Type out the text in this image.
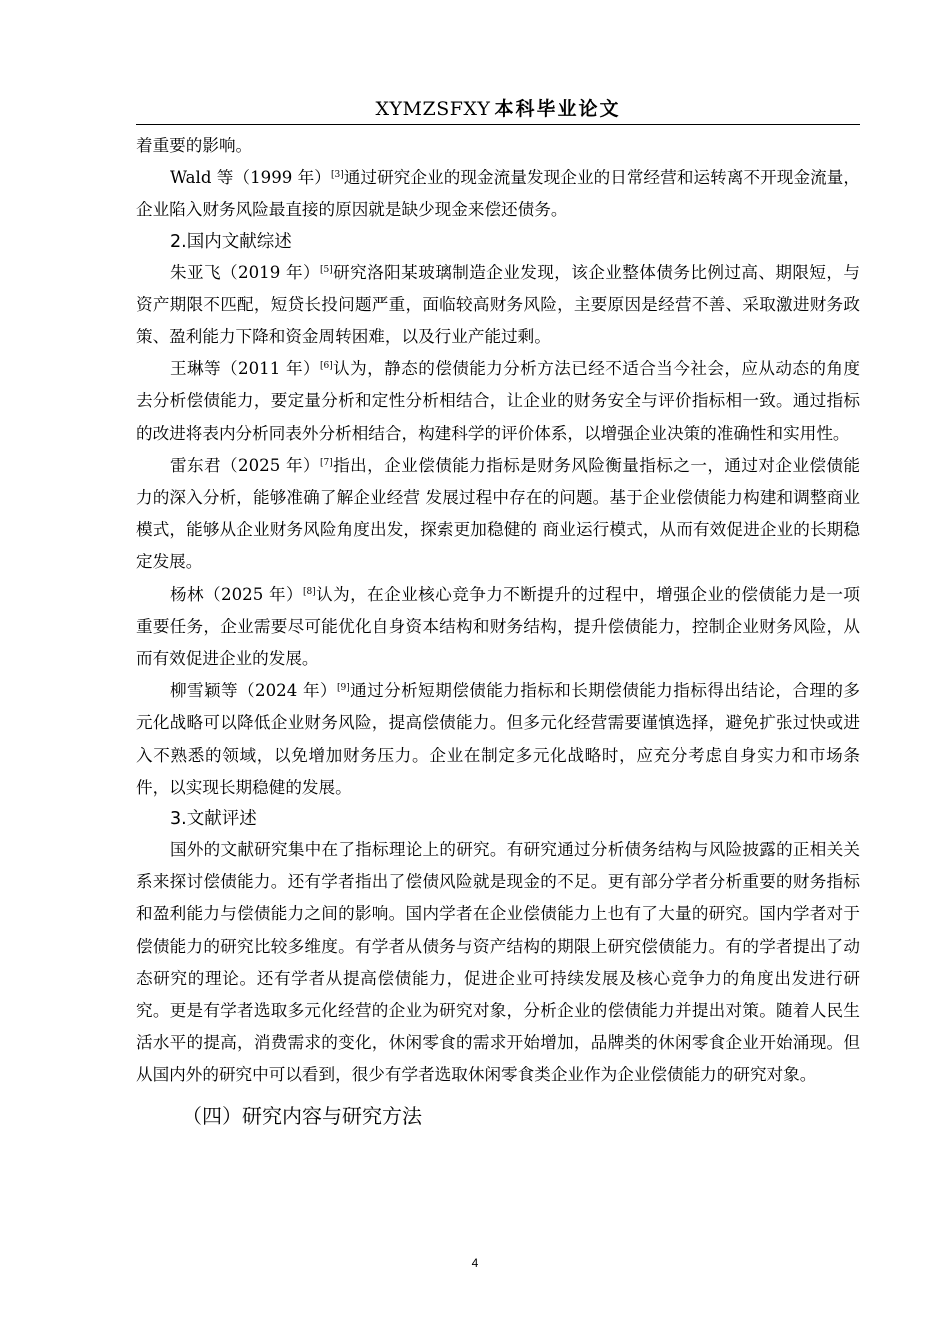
XYMZSFXY 本科毕业论文

着重要的影响。

Wald 等（1999 年）[3]通过研究企业的现金流量发现企业的日常经营和运转离不开现金流量，企业陷入财务风险最直接的原因就是缺少现金来偿还债务。

2.国内文献综述

朱亚飞（2019 年）[5]研究洛阳某玻璃制造企业发现，该企业整体债务比例过高、期限短，与资产期限不匹配，短贷长投问题严重，面临较高财务风险，主要原因是经营不善、采取激进财务政策、盈利能力下降和资金周转困难，以及行业产能过剩。

王琳等（2011 年）[6]认为，静态的偿债能力分析方法已经不适合当今社会，应从动态的角度去分析偿债能力，要定量分析和定性分析相结合，让企业的财务安全与评价指标相一致。通过指标的改进将表内分析同表外分析相结合，构建科学的评价体系，以增强企业决策的准确性和实用性。

雷东君（2025 年）[7]指出，企业偿债能力指标是财务风险衡量指标之一，通过对企业偿债能力的深入分析，能够准确了解企业经营 发展过程中存在的问题。基于企业偿债能力构建和调整商业模式，能够从企业财务风险角度出发，探索更加稳健的 商业运行模式，从而有效促进企业的长期稳定发展。

杨林（2025 年）[8]认为，在企业核心竞争力不断提升的过程中，增强企业的偿债能力是一项 重要任务，企业需要尽可能优化自身资本结构和财务结构，提升偿债能力，控制企业财务风险，从而有效促进企业的发展。

柳雪颖等（2024 年）[9]通过分析短期偿债能力指标和长期偿债能力指标得出结论，合理的多元化战略可以降低企业财务风险，提高偿债能力。但多元化经营需要谨慎选择，避免扩张过快或进入不熟悉的领域，以免增加财务压力。企业在制定多元化战略时，应充分考虑自身实力和市场条件，以实现长期稳健的发展。

3.文献评述

国外的文献研究集中在了指标理论上的研究。有研究通过分析债务结构与风险披露的正相关关系来探讨偿债能力。还有学者指出了偿债风险就是现金的不足。更有部分学者分析重要的财务指标和盈利能力与偿债能力之间的影响。国内学者在企业偿债能力上也有了大量的研究。国内学者对于偿债能力的研究比较多维度。有学者从债务与资产结构的期限上研究偿债能力。有的学者提出了动态研究的理论。还有学者从提高偿债能力，促进企业可持续发展及核心竞争力的角度出发进行研究。更是有学者选取多元化经营的企业为研究对象，分析企业的偿债能力并提出对策。随着人民生活水平的提高，消费需求的变化，休闲零食的需求开始增加，品牌类的休闲零食企业开始涌现。但从国内外的研究中可以看到，很少有学者选取休闲零食类企业作为企业偿债能力的研究对象。

（四）研究内容与研究方法
4
